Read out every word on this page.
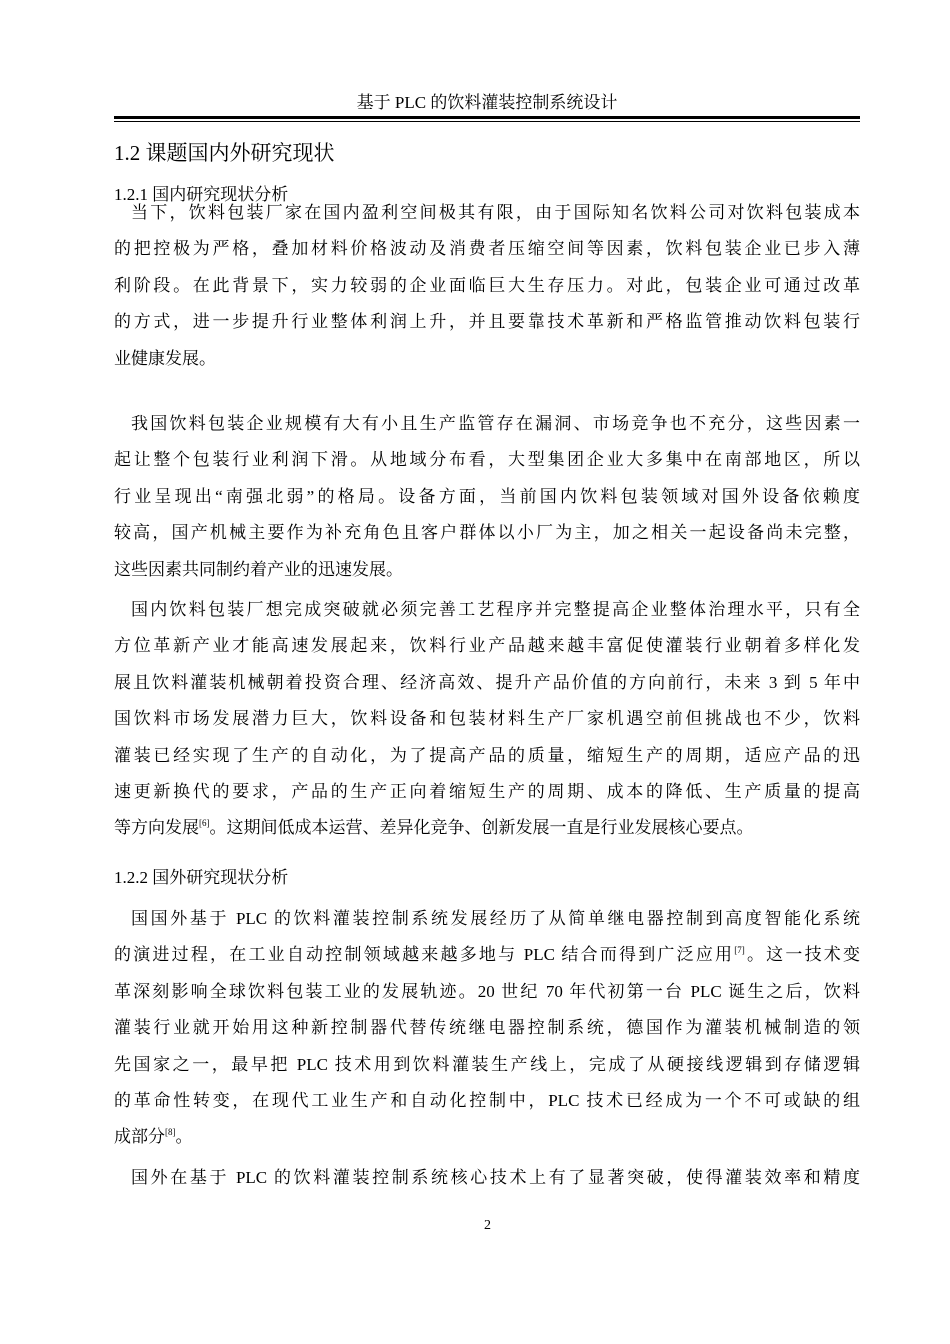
基于 PLC 的饮料灌装控制系统设计
1.2 课题国内外研究现状
1.2.1 国内研究现状分析
当下，饮料包装厂家在国内盈利空间极其有限，由于国际知名饮料公司对饮料包装成本
的把控极为严格，叠加材料价格波动及消费者压缩空间等因素，饮料包装企业已步入薄
利阶段。在此背景下，实力较弱的企业面临巨大生存压力。对此，包装企业可通过改革
的方式，进一步提升行业整体利润上升，并且要靠技术革新和严格监管推动饮料包装行
业健康发展。
我国饮料包装企业规模有大有小且生产监管存在漏洞、市场竞争也不充分，这些因素一
起让整个包装行业利润下滑。从地域分布看，大型集团企业大多集中在南部地区，所以
行业呈现出“南强北弱”的格局。设备方面，当前国内饮料包装领域对国外设备依赖度
较高，国产机械主要作为补充角色且客户群体以小厂为主，加之相关一起设备尚未完整，
这些因素共同制约着产业的迅速发展。
国内饮料包装厂想完成突破就必须完善工艺程序并完整提高企业整体治理水平，只有全
方位革新产业才能高速发展起来，饮料行业产品越来越丰富促使灌装行业朝着多样化发
展且饮料灌装机械朝着投资合理、经济高效、提升产品价值的方向前行，未来 3 到 5 年中
国饮料市场发展潜力巨大，饮料设备和包装材料生产厂家机遇空前但挑战也不少，饮料
灌装已经实现了生产的自动化，为了提高产品的质量，缩短生产的周期，适应产品的迅
速更新换代的要求，产品的生产正向着缩短生产的周期、成本的降低、生产质量的提高
等方向发展[6]。这期间低成本运营、差异化竞争、创新发展一直是行业发展核心要点。
1.2.2 国外研究现状分析
国国外基于 PLC 的饮料灌装控制系统发展经历了从简单继电器控制到高度智能化系统
的演进过程，在工业自动控制领域越来越多地与 PLC 结合而得到广泛应用[7]。这一技术变
革深刻影响全球饮料包装工业的发展轨迹。20 世纪 70 年代初第一台 PLC 诞生之后，饮料
灌装行业就开始用这种新控制器代替传统继电器控制系统，德国作为灌装机械制造的领
先国家之一，最早把 PLC 技术用到饮料灌装生产线上，完成了从硬接线逻辑到存储逻辑
的革命性转变，在现代工业生产和自动化控制中，PLC 技术已经成为一个不可或缺的组
成部分[8]。
国外在基于 PLC 的饮料灌装控制系统核心技术上有了显著突破，使得灌装效率和精度
2
